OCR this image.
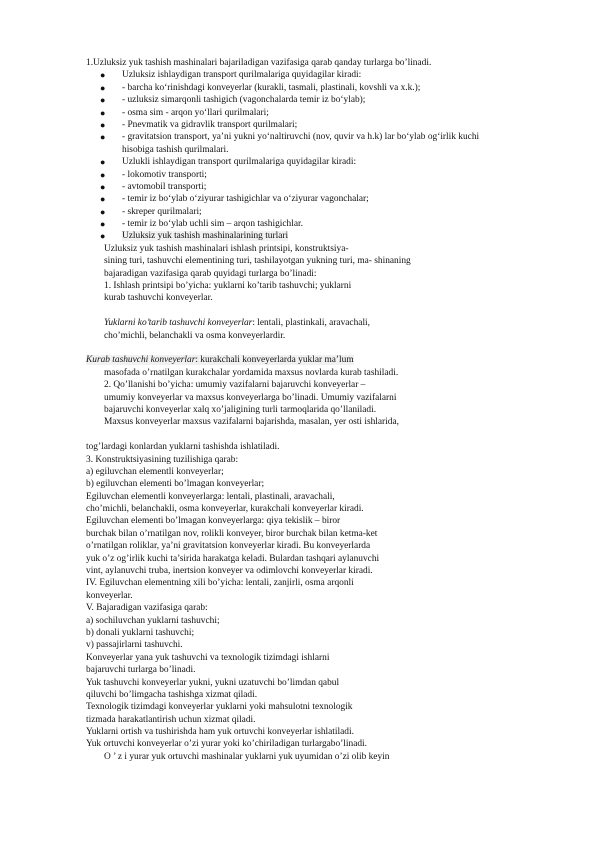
1.Uzluksiz yuk tashish mashinalari bajariladigan vazifasiga qarab qanday turlarga bo’linadi.
● Uzluksiz ishlaydigan transport qurilmalariga quyidagilar kiradi:
● - barcha ko‘rinishdagi konveyerlar (kurakli, tasmali, plastinali, kovshli va x.k.);
● - uzluksiz simarqonli tashigich (vagonchalarda temir iz bo‘ylab);
● - osma sim - arqon yo‘llari qurilmalari;
● - Pnevmatik va gidravlik transport qurilmalari;
● - gravitatsion transport, ya’ni yukni yo‘naltiruvchi (nov, quvir va h.k) lar bo‘ylab og‘irlik kuchi
hisobiga tashish qurilmalari.
● Uzlukli ishlaydigan transport qurilmalariga quyidagilar kiradi:
● - lokomotiv transporti;
● - avtomobil transporti;
● - temir iz bo‘ylab o‘ziyurar tashigichlar va o‘ziyurar vagonchalar;
● - skreper qurilmalari;
● - temir iz bo‘ylab uchli sim – arqon tashigichlar.
● Uzluksiz yuk tashish mashinalarining turlari
Uzluksiz yuk tashish mashinalari ishlash printsipi, konstruktsiya-
sining turi, tashuvchi elementining turi, tashilayotgan yukning turi, ma- shinaning
bajaradigan vazifasiga qarab quyidagi turlarga bo’linadi:
1. Ishlash printsipi bo’yicha: yuklarni ko’tarib tashuvchi; yuklarni
kurab tashuvchi konveyerlar.
Yuklarni ko’tarib tashuvchi konveyerlar: lentali, plastinkali, aravachali,
cho’michli, belanchakli va osma konveyerlardir.
Kurab tashuvchi konveyerlar: kurakchali konveyerlarda yuklar ma’lum
masofada o’rnatilgan kurakchalar yordamida maxsus novlarda kurab tashiladi.
2. Qo’llanishi bo’yicha: umumiy vazifalarni bajaruvchi konveyerlar –
umumiy konveyerlar va maxsus konveyerlarga bo’linadi. Umumiy vazifalarni
bajaruvchi konveyerlar xalq xo’jaligining turli tarmoqlarida qo’llaniladi.
Maxsus konveyerlar maxsus vazifalarni bajarishda, masalan, yer osti ishlarida,
tog’lardagi konlardan yuklarni tashishda ishlatiladi.
3. Konstruktsiyasining tuzilishiga qarab:
a) egiluvchan elementli konveyerlar;
b) egiluvchan elementi bo’lmagan konveyerlar;
Egiluvchan elementli konveyerlarga: lentali, plastinali, aravachali,
cho’michli, belanchakli, osma konveyerlar, kurakchali konveyerlar kiradi.
Egiluvchan elementi bo’lmagan konveyerlarga: qiya tekislik – biror
burchak bilan o’rnatilgan nov, rolikli konveyer, biror burchak bilan ketma-ket
o’rnatilgan roliklar, ya’ni gravitatsion konveyerlar kiradi. Bu konveyerlarda
yuk o’z og’irlik kuchi ta’sirida harakatga keladi. Bulardan tashqari aylanuvchi
vint, aylanuvchi truba, inertsion konveyer va odimlovchi konveyerlar kiradi.
IV. Egiluvchan elementning xili bo’yicha: lentali, zanjirli, osma arqonli
konveyerlar.
V. Bajaradigan vazifasiga qarab:
a) sochiluvchan yuklarni tashuvchi;
b) donali yuklarni tashuvchi;
v) passajirlarni tashuvchi.
Konveyerlar yana yuk tashuvchi va texnologik tizimdagi ishlarni
bajaruvchi turlarga bo’linadi.
Yuk tashuvchi konveyerlar yukni, yukni uzatuvchi bo’limdan qabul
qiluvchi bo’limgacha tashishga xizmat qiladi.
Texnologik tizimdagi konveyerlar yuklarni yoki mahsulotni texnologik
tizmada harakatlantirish uchun xizmat qiladi.
Yuklarni ortish va tushirishda ham yuk ortuvchi konveyerlar ishlatiladi.
Yuk ortuvchi konveyerlar o’zi yurar yoki ko’chiriladigan turlargabo’linadi.
O ’ z i yurar yuk ortuvchi mashinalar yuklarni yuk uyumidan o’zi olib keyin
